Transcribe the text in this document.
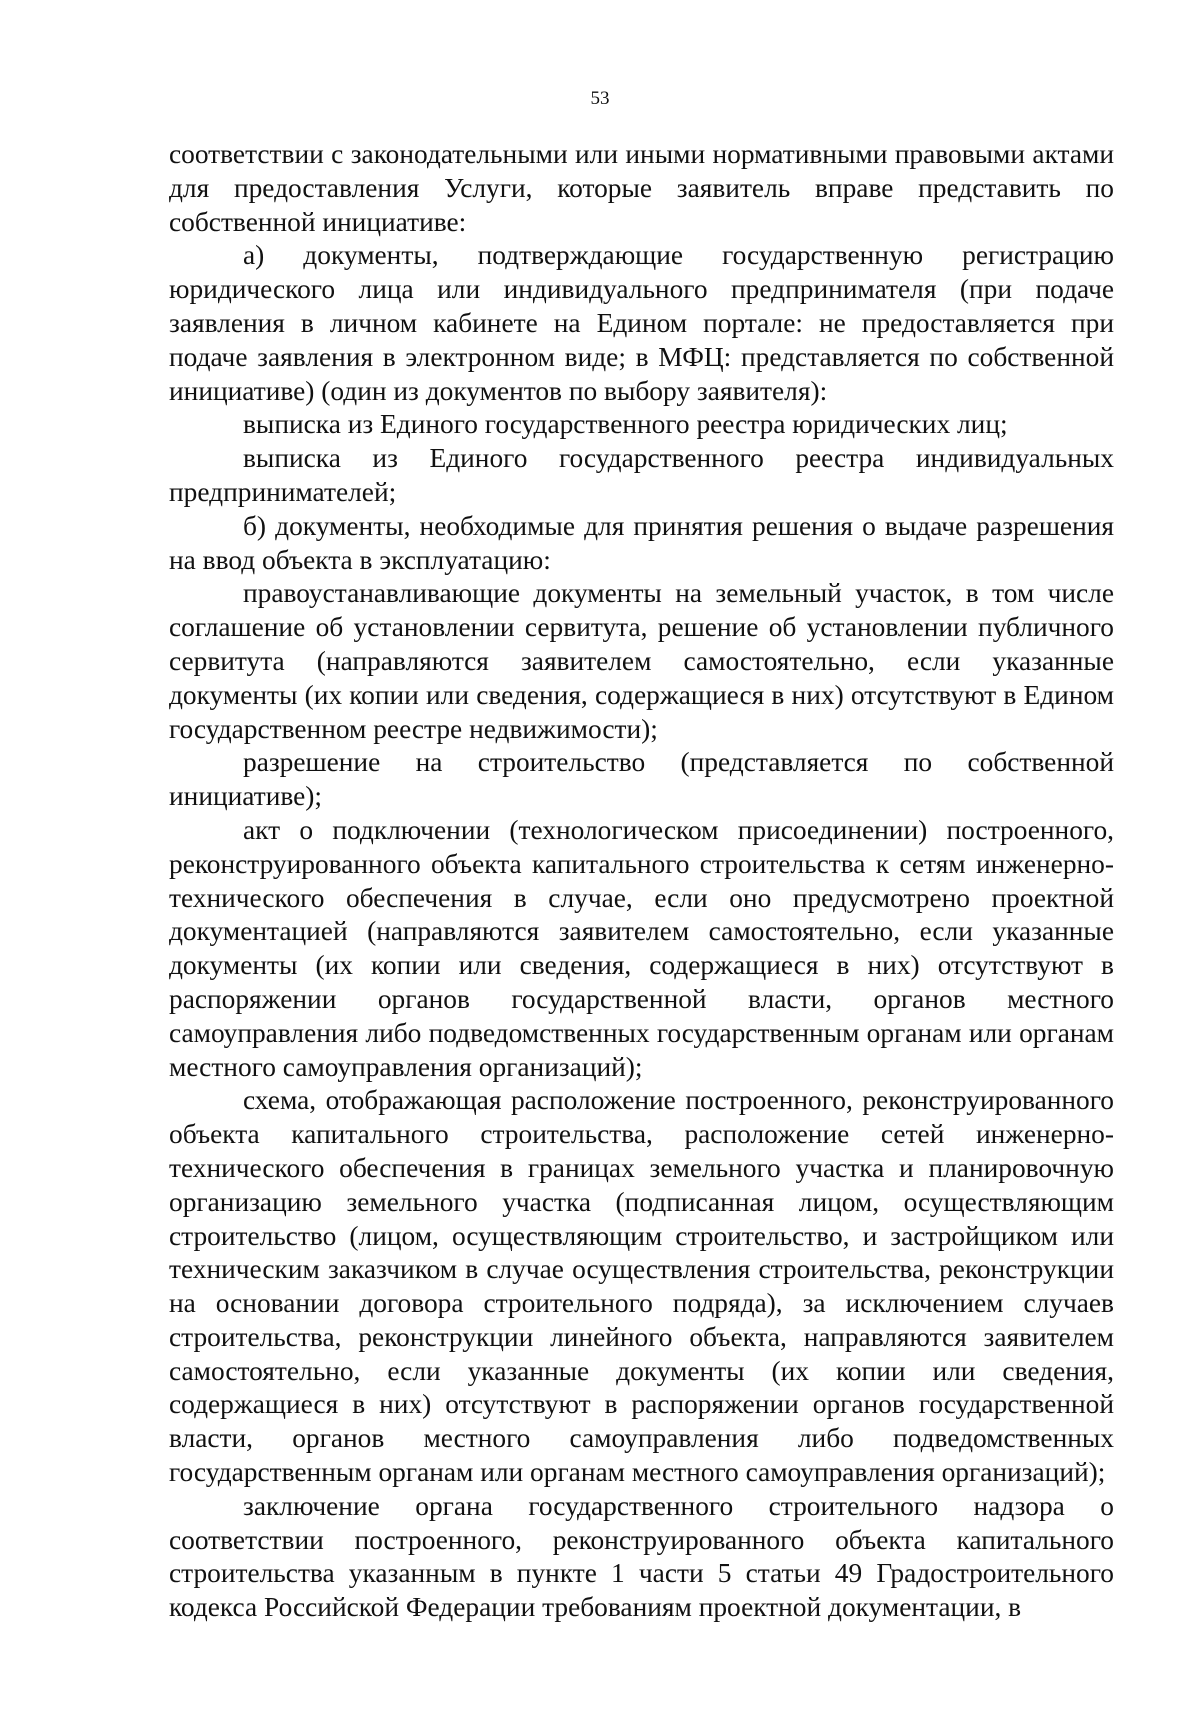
53

соответствии с законодательными или иными нормативными правовыми актами для предоставления Услуги, которые заявитель вправе представить по собственной инициативе:

а) документы, подтверждающие государственную регистрацию юридического лица или индивидуального предпринимателя (при подаче заявления в личном кабинете на Едином портале: не предоставляется при подаче заявления в электронном виде; в МФЦ: представляется по собственной инициативе) (один из документов по выбору заявителя):

выписка из Единого государственного реестра юридических лиц;

выписка из Единого государственного реестра индивидуальных предпринимателей;

б) документы, необходимые для принятия решения о выдаче разрешения на ввод объекта в эксплуатацию:

правоустанавливающие документы на земельный участок, в том числе соглашение об установлении сервитута, решение об установлении публичного сервитута (направляются заявителем самостоятельно, если указанные документы (их копии или сведения, содержащиеся в них) отсутствуют в Едином государственном реестре недвижимости);

разрешение на строительство (представляется по собственной инициативе);

акт о подключении (технологическом присоединении) построенного, реконструированного объекта капитального строительства к сетям инженерно-технического обеспечения в случае, если оно предусмотрено проектной документацией (направляются заявителем самостоятельно, если указанные документы (их копии или сведения, содержащиеся в них) отсутствуют в распоряжении органов государственной власти, органов местного самоуправления либо подведомственных государственным органам или органам местного самоуправления организаций);

схема, отображающая расположение построенного, реконструированного объекта капитального строительства, расположение сетей инженерно-технического обеспечения в границах земельного участка и планировочную организацию земельного участка (подписанная лицом, осуществляющим строительство (лицом, осуществляющим строительство, и застройщиком или техническим заказчиком в случае осуществления строительства, реконструкции на основании договора строительного подряда), за исключением случаев строительства, реконструкции линейного объекта, направляются заявителем самостоятельно, если указанные документы (их копии или сведения, содержащиеся в них) отсутствуют в распоряжении органов государственной власти, органов местного самоуправления либо подведомственных государственным органам или органам местного самоуправления организаций);

заключение органа государственного строительного надзора о соответствии построенного, реконструированного объекта капитального строительства указанным в пункте 1 части 5 статьи 49 Градостроительного кодекса Российской Федерации требованиям проектной документации, в
